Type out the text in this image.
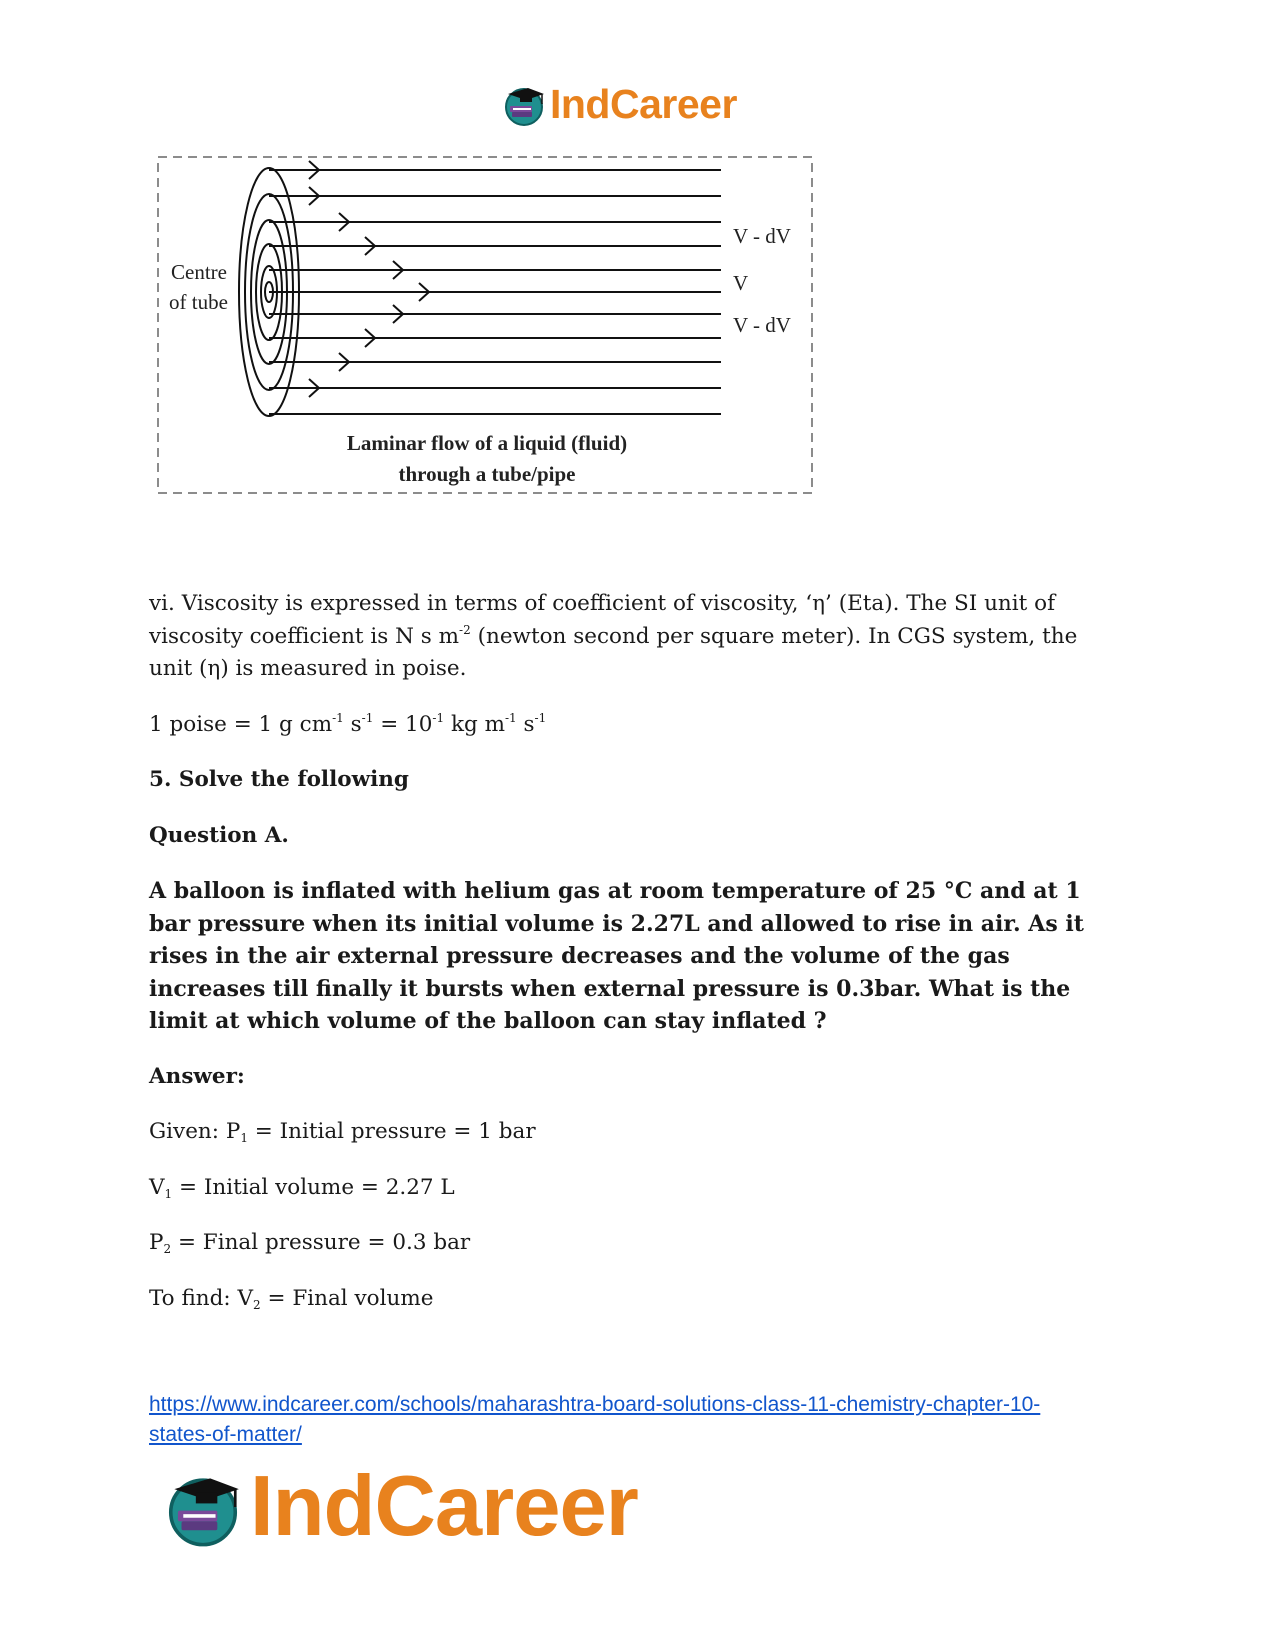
IndCareer
Centre
of tube
V - dV
V
V - dV
Laminar flow of a liquid (fluid)
through a tube/pipe

vi. Viscosity is expressed in terms of coefficient of viscosity, ‘η’ (Eta). The SI unit of viscosity coefficient is N s $m^{-2}$ (newton second per square meter). In CGS system, the unit (η) is measured in poise.

1 poise = 1 g $cm^{-1}$ $s^{-1} = 10^{-1}$ kg $m^{-1}$ $s^{-1}$

5. Solve the following

Question A.

A balloon is inflated with helium gas at room temperature of 25 °C and at 1 bar pressure when its initial volume is 2.27L and allowed to rise in air. As it rises in the air external pressure decreases and the volume of the gas increases till finally it bursts when external pressure is 0.3bar. What is the limit at which volume of the balloon can stay inflated ?

Answer:

Given: $P_1$ = Initial pressure = 1 bar

$V_1$ = Initial volume = 2.27 L

$P_2$ = Final pressure = 0.3 bar

To find: $V_2$ = Final volume

https://www.indcareer.com/schools/maharashtra-board-solutions-class-11-chemistry-chapter-10-
states-of-matter/
IndCareer
